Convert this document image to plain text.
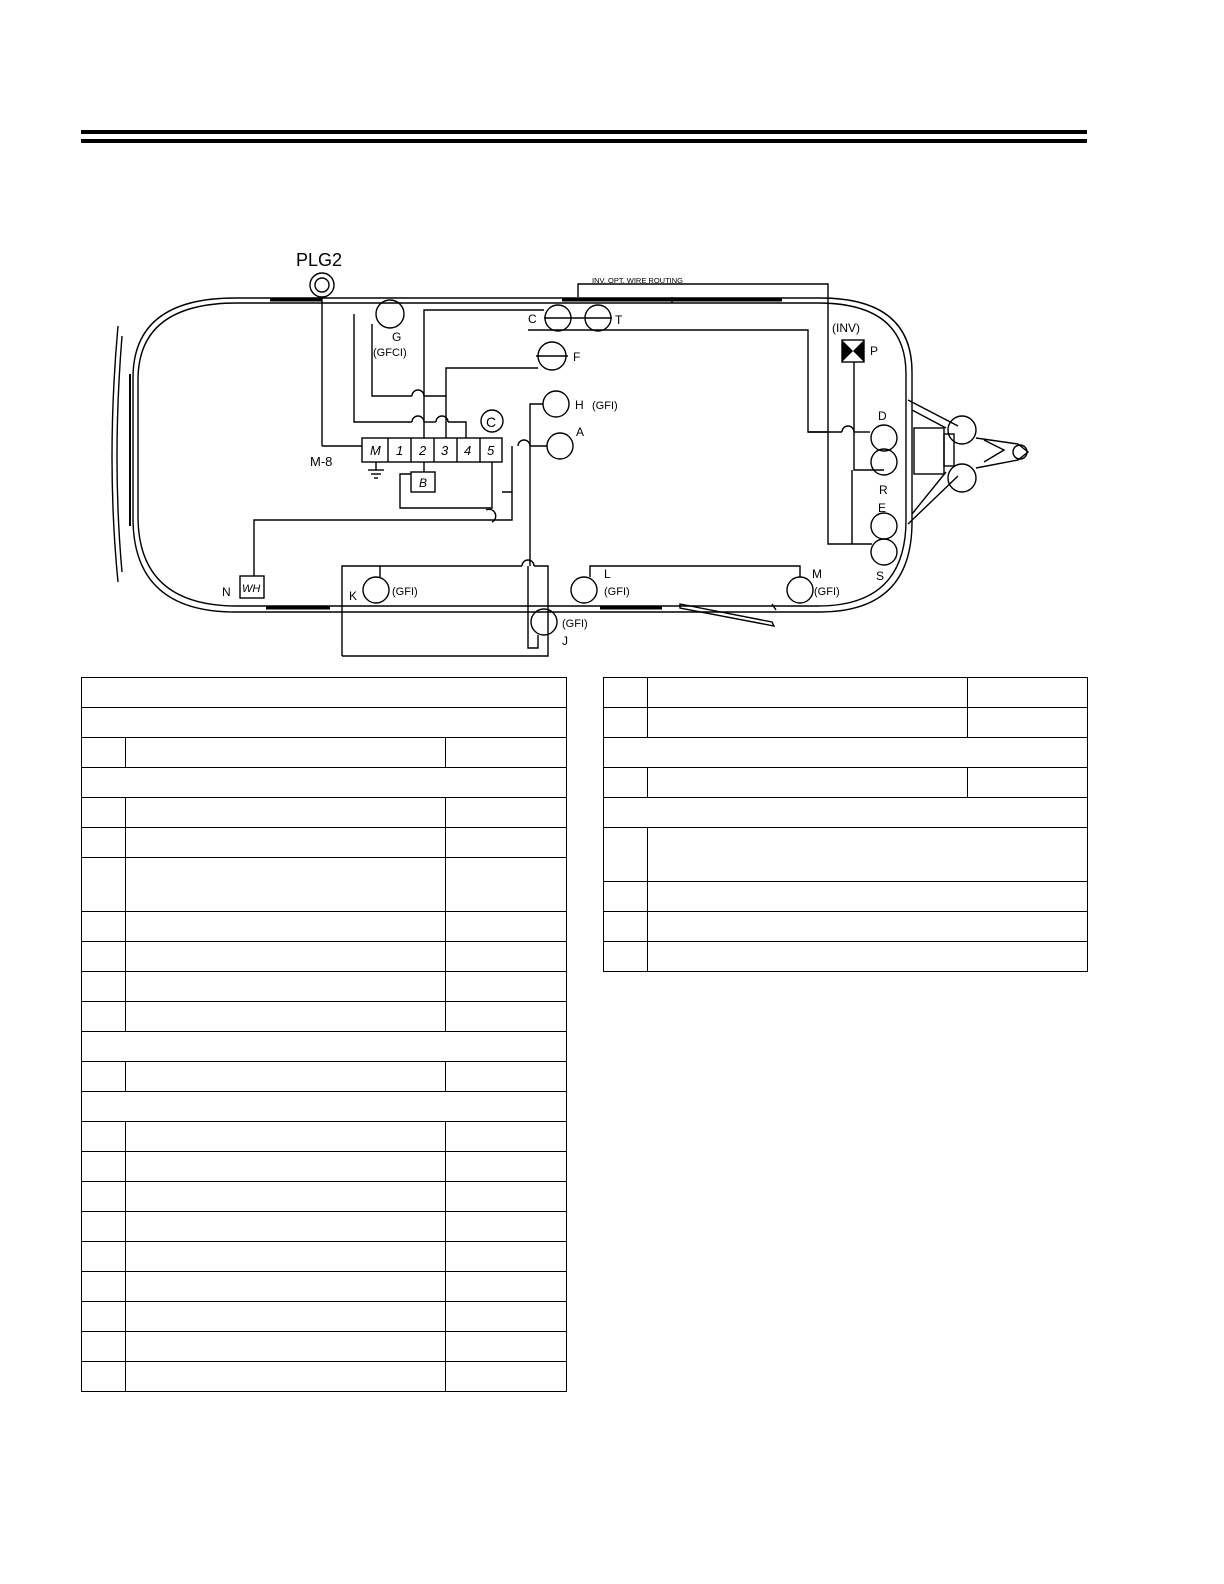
PLG2
INV. OPT. WIRE ROUTING
(INV)
M-8
M 1 2 3 4 5
B
C
WH
G
(GFCI)
C	T
F
H (GFI)
A
P
D
R
E
S
N	K	(GFI)
L
(GFI)
M
(GFI)
(GFI)
J
